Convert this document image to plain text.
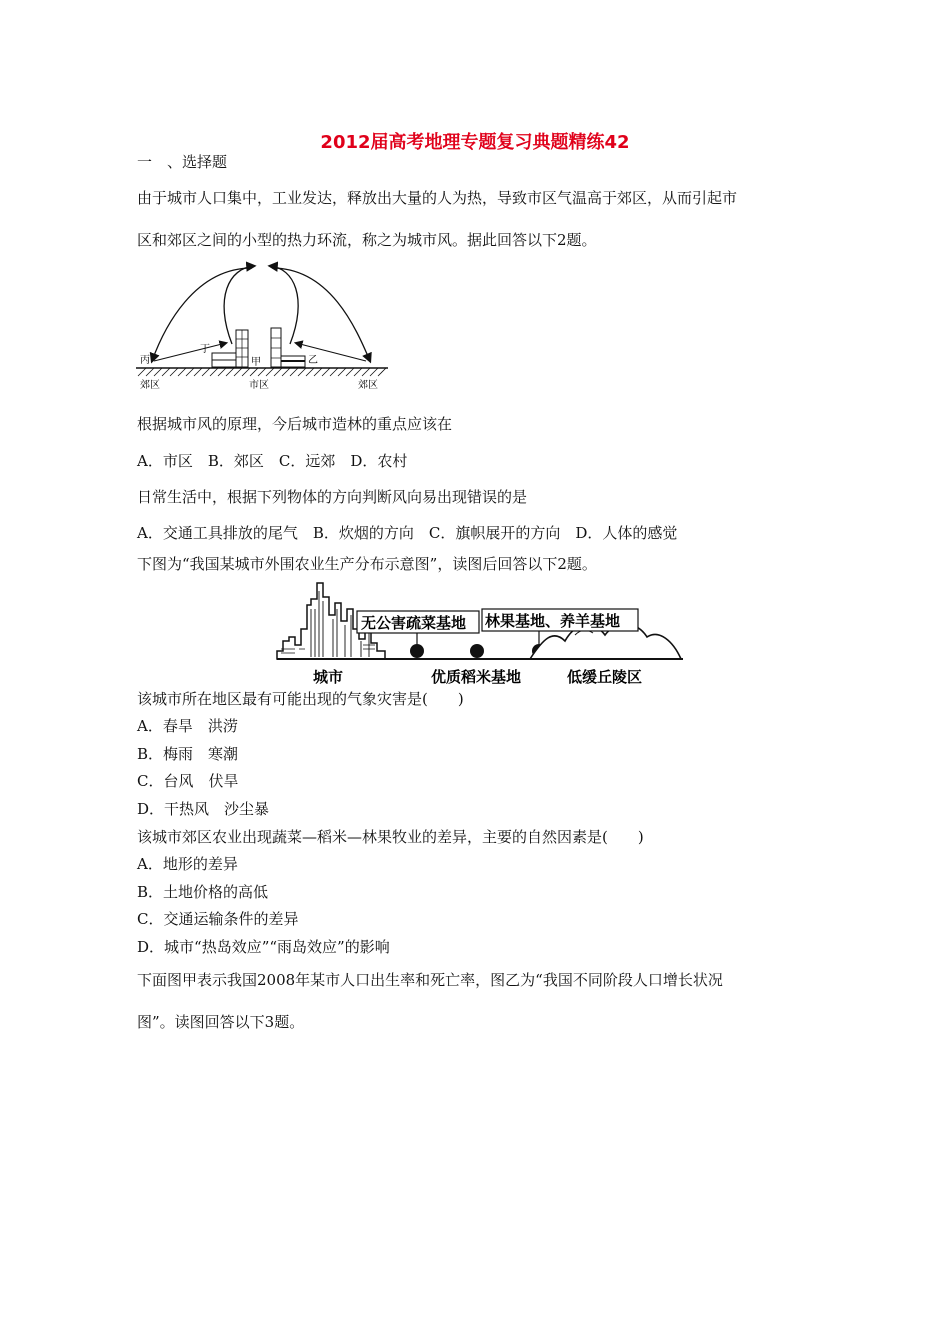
2012届高考地理专题复习典题精练42
一　、选择题
由于城市人口集中，工业发达，释放出大量的人为热，导致市区气温高于郊区，从而引起市
区和郊区之间的小型的热力环流，称之为城市风。据此回答以下2题。
丙
丁
甲	乙
郊区	市区	郊区
根据城市风的原理，今后城市造林的重点应该在
A．市区　B．郊区　C．远郊　D．农村
日常生活中，根据下列物体的方向判断风向易出现错误的是
A．交通工具排放的尾气　B．炊烟的方向　C．旗帜展开的方向　D．人体的感觉
下图为“我国某城市外围农业生产分布示意图”，读图后回答以下2题。
无公害疏菜基地 林果基地、养羊基地
城市	优质稻米基地	低缓丘陵区
该城市所在地区最有可能出现的气象灾害是(　　)
A．春旱　洪涝
B．梅雨　寒潮
C．台风　伏旱
D．干热风　沙尘暴
该城市郊区农业出现蔬菜—稻米—林果牧业的差异，主要的自然因素是(　　)
A．地形的差异
B．土地价格的高低
C．交通运输条件的差异
D．城市“热岛效应”“雨岛效应”的影响
下面图甲表示我国2008年某市人口出生率和死亡率，图乙为“我国不同阶段人口增长状况
图”。读图回答以下3题。
